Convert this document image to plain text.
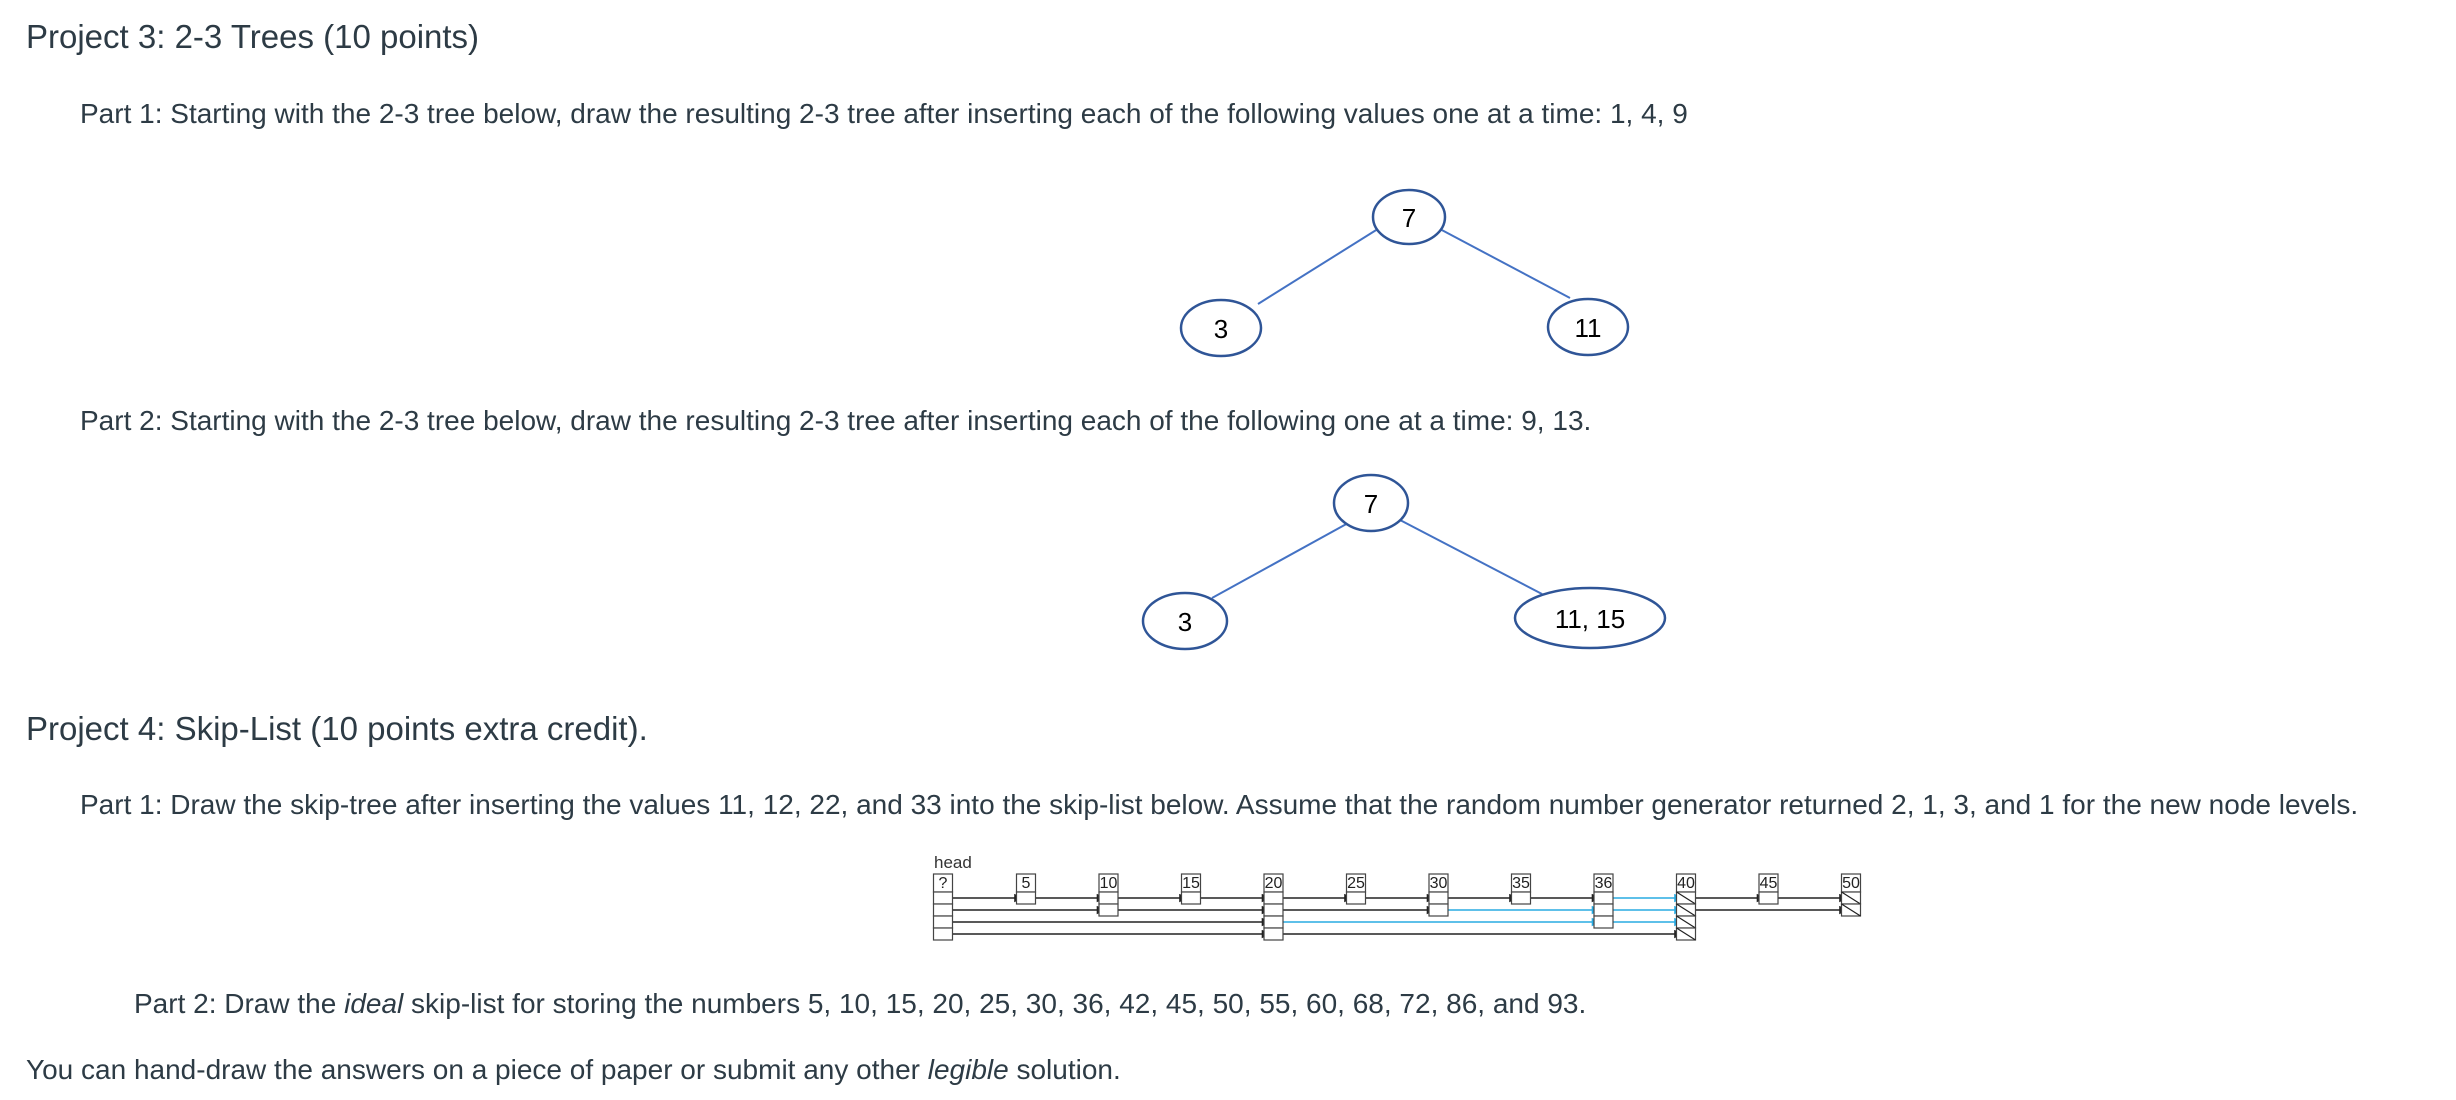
Project 3: 2-3 Trees (10 points)
Part 1: Starting with the 2-3 tree below, draw the resulting 2-3 tree after inserting each of the following values one at a time: 1, 4, 9
7
3	11
Part 2: Starting with the 2-3 tree below, draw the resulting 2-3 tree after inserting each of the following one at a time: 9, 13.
7
3	11, 15
Project 4: Skip-List (10 points extra credit).
Part 1: Draw the skip-tree after inserting the values 11, 12, 22, and 33 into the skip-list below. Assume that the random number generator returned 2, 1, 3, and 1 for the new node levels.
head
?	5	10	15	20	25	30	35	36	40	45	50
Part 2: Draw the ideal skip-list for storing the numbers 5, 10, 15, 20, 25, 30, 36, 42, 45, 50, 55, 60, 68, 72, 86, and 93.
You can hand-draw the answers on a piece of paper or submit any other legible solution.
